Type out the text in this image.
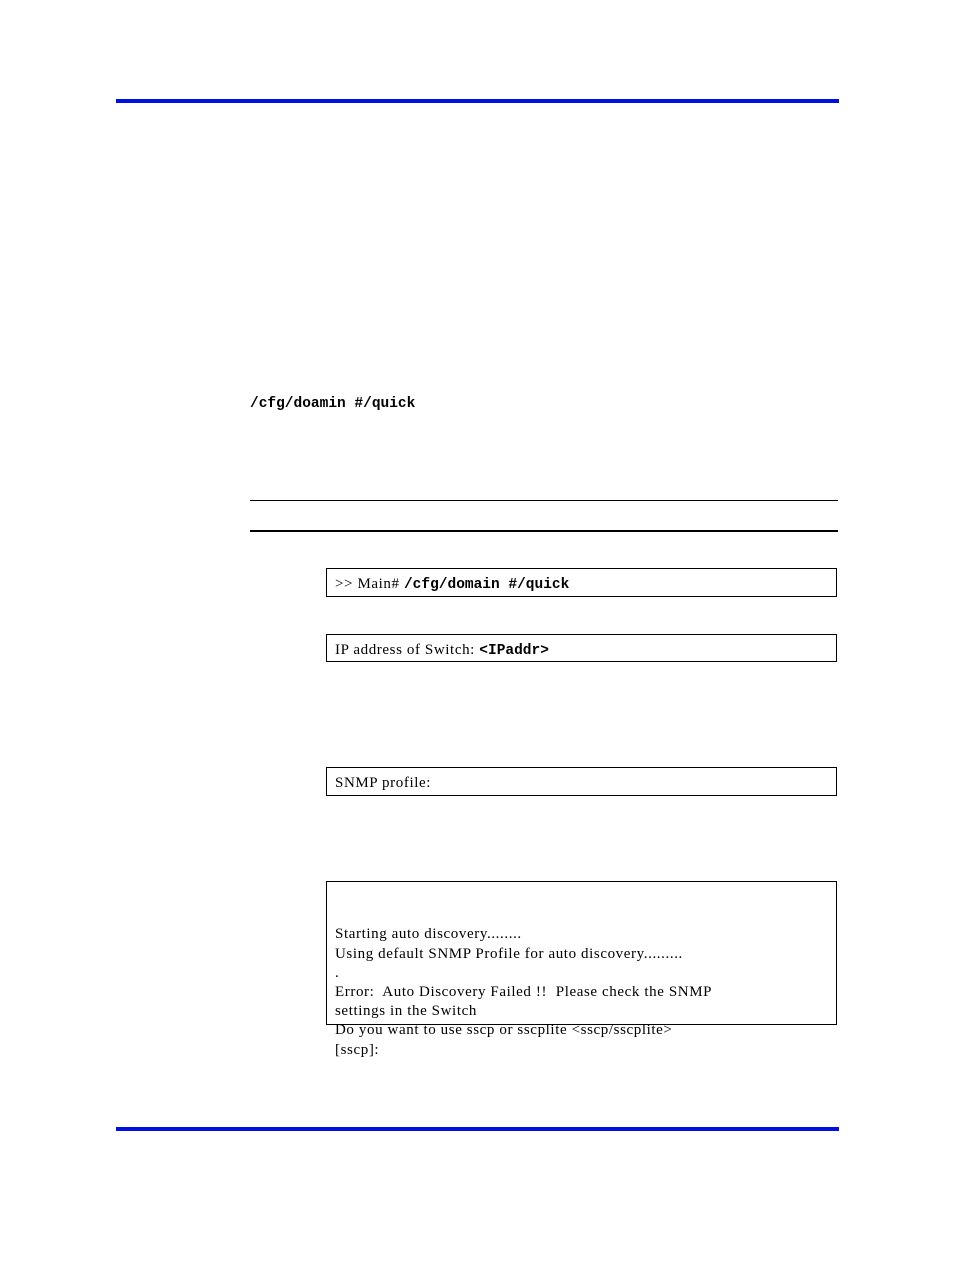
/cfg/doamin #/quick
>> Main# /cfg/domain #/quick
IP address of Switch: <IPaddr>
SNMP profile:

Starting auto discovery........
Using default SNMP Profile for auto discovery.........
.
Error:  Auto Discovery Failed !!  Please check the SNMP
settings in the Switch
Do you want to use sscp or sscplite <sscp/sscplite>
[sscp]:
